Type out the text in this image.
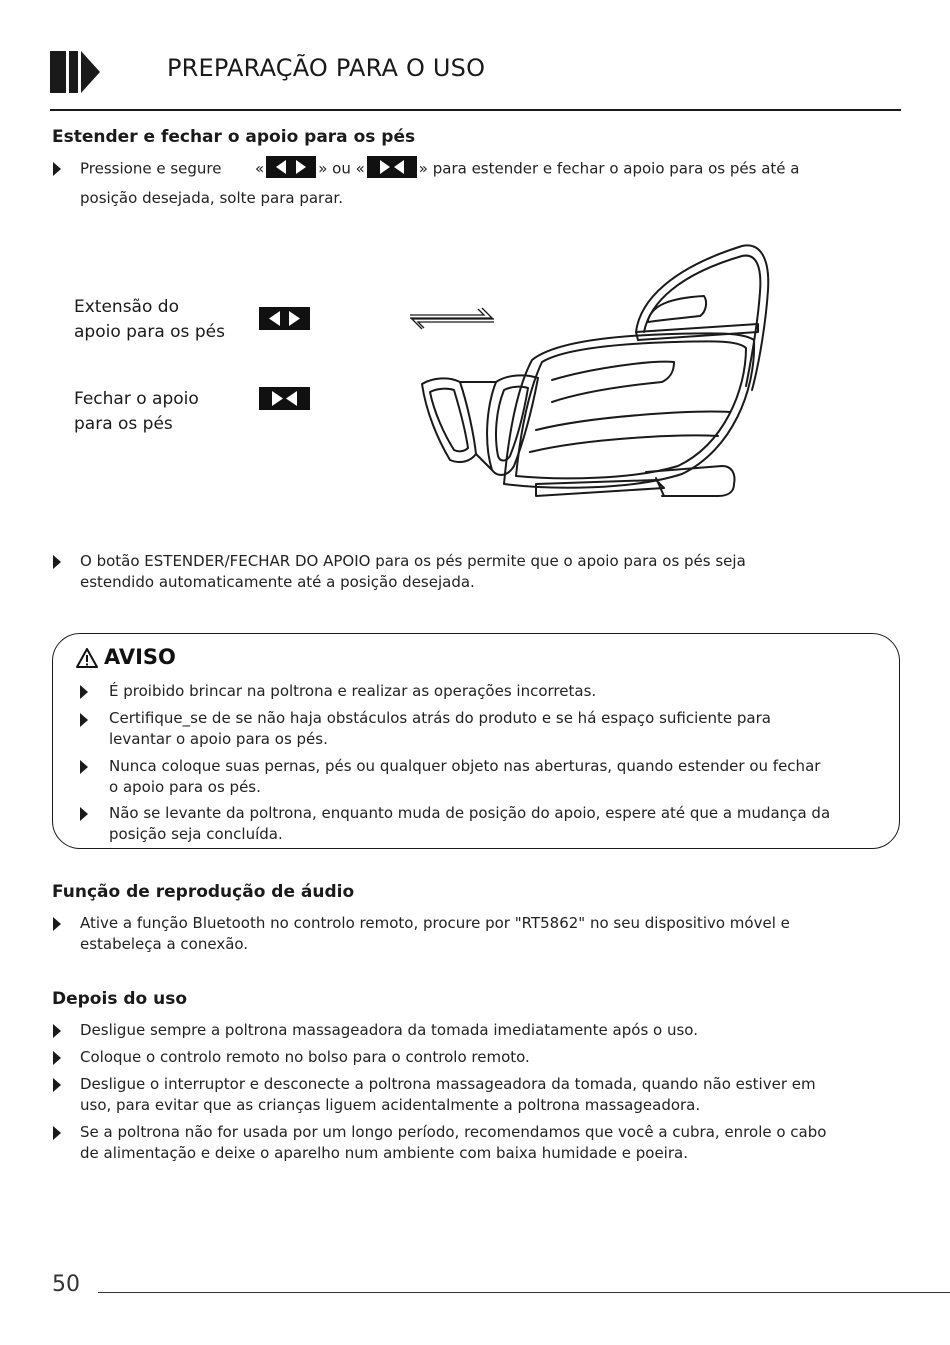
PREPARAÇÃO PARA O USO
Estender e fechar o apoio para os pés
Pressione e segure «	» ou «	» para estender e fechar o apoio para os pés até a
posição desejada, solte para parar.
Extensão do
apoio para os pés
Fechar o apoio
para os pés
O botão ESTENDER/FECHAR DO APOIO para os pés permite que o apoio para os pés seja
estendido automaticamente até a posição desejada.
AVISO
É proibido brincar na poltrona e realizar as operações incorretas.
Certifique_se de se não haja obstáculos atrás do produto e se há espaço suficiente para
levantar o apoio para os pés.
Nunca coloque suas pernas, pés ou qualquer objeto nas aberturas, quando estender ou fechar
o apoio para os pés.
Não se levante da poltrona, enquanto muda de posição do apoio, espere até que a mudança da
posição seja concluída.
Função de reprodução de áudio
Ative a função Bluetooth no controlo remoto, procure por "RT5862" no seu dispositivo móvel e
estabeleça a conexão.
Depois do uso
Desligue sempre a poltrona massageadora da tomada imediatamente após o uso.
Coloque o controlo remoto no bolso para o controlo remoto.
Desligue o interruptor e desconecte a poltrona massageadora da tomada, quando não estiver em
uso, para evitar que as crianças liguem acidentalmente a poltrona massageadora.
Se a poltrona não for usada por um longo período, recomendamos que você a cubra, enrole o cabo
de alimentação e deixe o aparelho num ambiente com baixa humidade e poeira.
50
